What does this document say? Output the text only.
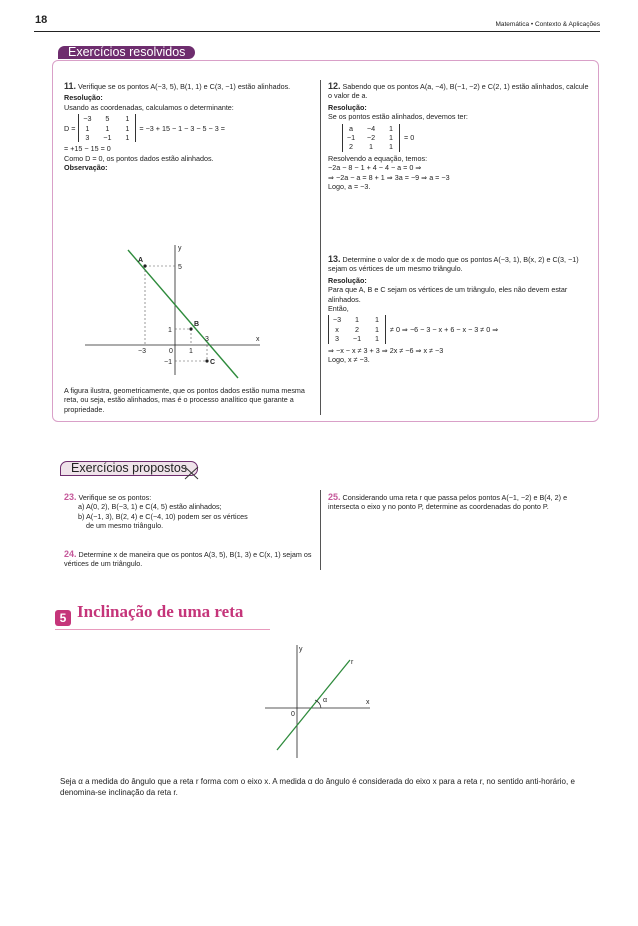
18	Matemática • Contexto & Aplicações
Exercícios resolvidos

11. Verifique se os pontos A(−3, 5), B(1, 1) e C(3, −1) estão alinhados.

Resolução:

Usando as coordenadas, calculamos o determinante:

D =
−3	5	1
1	1	1
3	−1	1
= −3 + 15 − 1 − 3 − 5 − 3 =

= +15 − 15 = 0

Como D = 0, os pontos dados estão alinhados.

Observação:

y
x
A
B
C
5
1
−1
−3	0 1
3

A figura ilustra, geometricamente, que os pontos dados estão numa mesma reta, ou seja, estão alinhados, mas é o processo analítico que garante a propriedade.

12. Sabendo que os pontos A(a, −4), B(−1, −2) e C(2, 1) estão alinhados, calcule o valor de a.

Resolução:

Se os pontos estão alinhados, devemos ter:

a	−4	1
−1 −2	1
2	1	1
= 0

Resolvendo a equação, temos:

−2a − 8 − 1 + 4 − 4 − a = 0 ⇒

⇒ −2a − a = 8 + 1 ⇒ 3a = −9 ⇒ a = −3

Logo, a = −3.

13. Determine o valor de x de modo que os pontos A(−3, 1), B(x, 2) e C(3, −1) sejam os vértices de um mesmo triângulo.

Resolução:

Para que A, B e C sejam os vértices de um triângulo, eles não devem estar alinhados.

Então,

−3	1	1
x	2	1
3	−1	1
≠ 0 ⇒ −6 − 3 − x + 6 − x − 3 ≠ 0 ⇒

⇒ −x − x ≠ 3 + 3 ⇒ 2x ≠ −6 ⇒ x ≠ −3

Logo, x ≠ −3.

Exercícios propostos

23. Verifique se os pontos:

a) A(0, 2), B(−3, 1) e C(4, 5) estão alinhados;

b) A(−1, 3), B(2, 4) e C(−4, 10) podem ser os vértices

de um mesmo triângulo.

24. Determine x de maneira que os pontos A(3, 5), B(1, 3) e C(x, 1) sejam os vértices de um triângulo.

25. Considerando uma reta r que passa pelos pontos A(−1, −2) e B(4, 2) e intersecta o eixo y no ponto P, determine as coordenadas do ponto P.

5 Inclinação de uma reta
y
x
r
α
0

Seja α a medida do ângulo que a reta r forma com o eixo x. A medida α do ângulo é considerada do eixo x para a reta r, no sentido anti-horário, e denomina-se inclinação da reta r.
